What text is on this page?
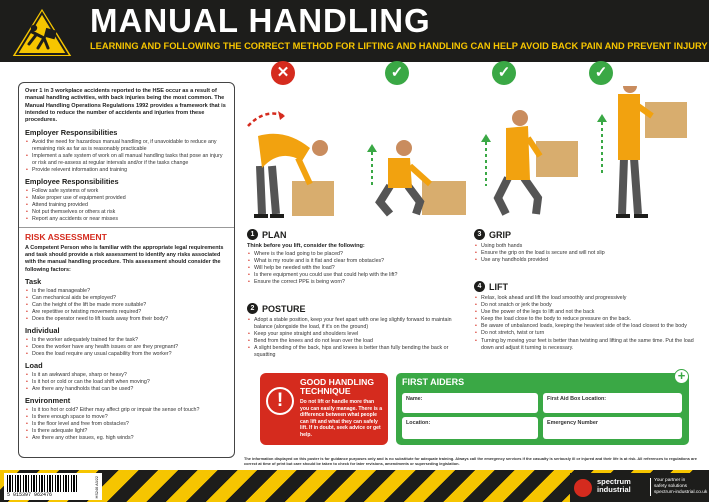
MANUAL HANDLING
LEARNING AND FOLLOWING THE CORRECT METHOD FOR LIFTING AND HANDLING CAN HELP AVOID BACK PAIN AND PREVENT INJURY
Over 1 in 3 workplace accidents reported to the HSE occur as a result of manual handling activities, with back injuries being the most common. The Manual Handling Operations Regulations 1992 provides a framework that is intended to reduce the number of accidents and injuries from these procedures.
Employer Responsibilities
• Avoid the need for hazardous manual handling or, if unavoidable to reduce any remaining risk as far as is reasonably practicable
• Implement a safe system of work on all manual handling tasks that pose an injury or risk and re-assess at regular intervals and/or if the tasks change
• Provide relevent information and training
Employee Responsibilities
• Follow safe systems of work
• Make proper use of equipment provided
• Attend training provided
• Not put themselves or others at risk
• Report any accidents or near misses
RISK ASSESSMENT
A Competent Person who is familiar with the appropriate legal requirements and task should provide a risk assessment to identify any risks associated with the manual handling procedure. This assessment should consider the following factors:
Task
• Is the load manageable?
• Can mechanical aids be employed?
• Can the height of the lift be made more suitable?
• Are repetitive or twisting movements required?
• Does the operator need to lift loads away from their body?
Individual
• Is the worker adequately trained for the task?
• Does the worker have any health issues or are they pregnant?
• Does the load require any usual capability from the worker?
Load
• Is it an awkward shape, sharp or heavy?
• Is it hot or cold or can the load shift when moving?
• Are there any handholds that can be used?
Environment
• Is it too hot or cold? Either may affect grip or impair the sense of touch?
• Is there enough space to move?
• Is the floor level and free from obstacles?
• Is there adequate light?
• Are there any other issues, eg. high winds?
✕	✓	✓	✓
1 PLAN
Think before you lift, consider the following:
• Where is the load going to be placed?
• What is my route and is it flat and clear from obstacles?
• Will help be needed with the load?
• Is there equipment you could use that could help with the lift?
• Ensure the correct PPE is being worn?
2 POSTURE
• Adopt a stable position, keep your feet apart with one leg slightly forward to maintain balance (alongside the load, if it's on the ground)
• Keep your spine straight and shoulders level
• Bend from the knees and do not lean over the load
• A slight bending of the back, hips and knees is better than fully bending the back or squatting
3 GRIP
• Using both hands
• Ensure the grip on the load is secure and will not slip
• Use any handholds provided
4 LIFT
• Relax, look ahead and lift the load smoothly and progressively
• Do not snatch or jerk the body
• Use the power of the legs to lift and not the back
• Keep the load close to the body to reduce pressure on the back.
• Be aware of unbalanced loads, keeping the heaviest side of the load closest to the body
• Do not stretch, twist or turn
• Turning by moving your feet is better than twisting and lifting at the same time. Put the load down and adjust it turning is necessary.
!
GOOD HANDLING TECHNIQUE
Do not lift or handle more than you can easily manage. There is a difference between what people can lift and what they can safely lift. If in doubt, seek advice or get help.
FIRST AIDERS
Name:	First Aid Box Location:
Location:	Emergency Number
+
The information displayed on this poster is for guidance purposes only and is no substitute for adequate training. Always call the emergency services if the casualty is seriously ill or injured and their life is at risk. All references to regulations are correct at time of print but care should be taken to check for later revisions, amendments or superseding legislation.
5 015397 962476	HS246 A3/22	spectrum
industrial
Your partner in
safety solutions
spectrum-industrial.co.uk
